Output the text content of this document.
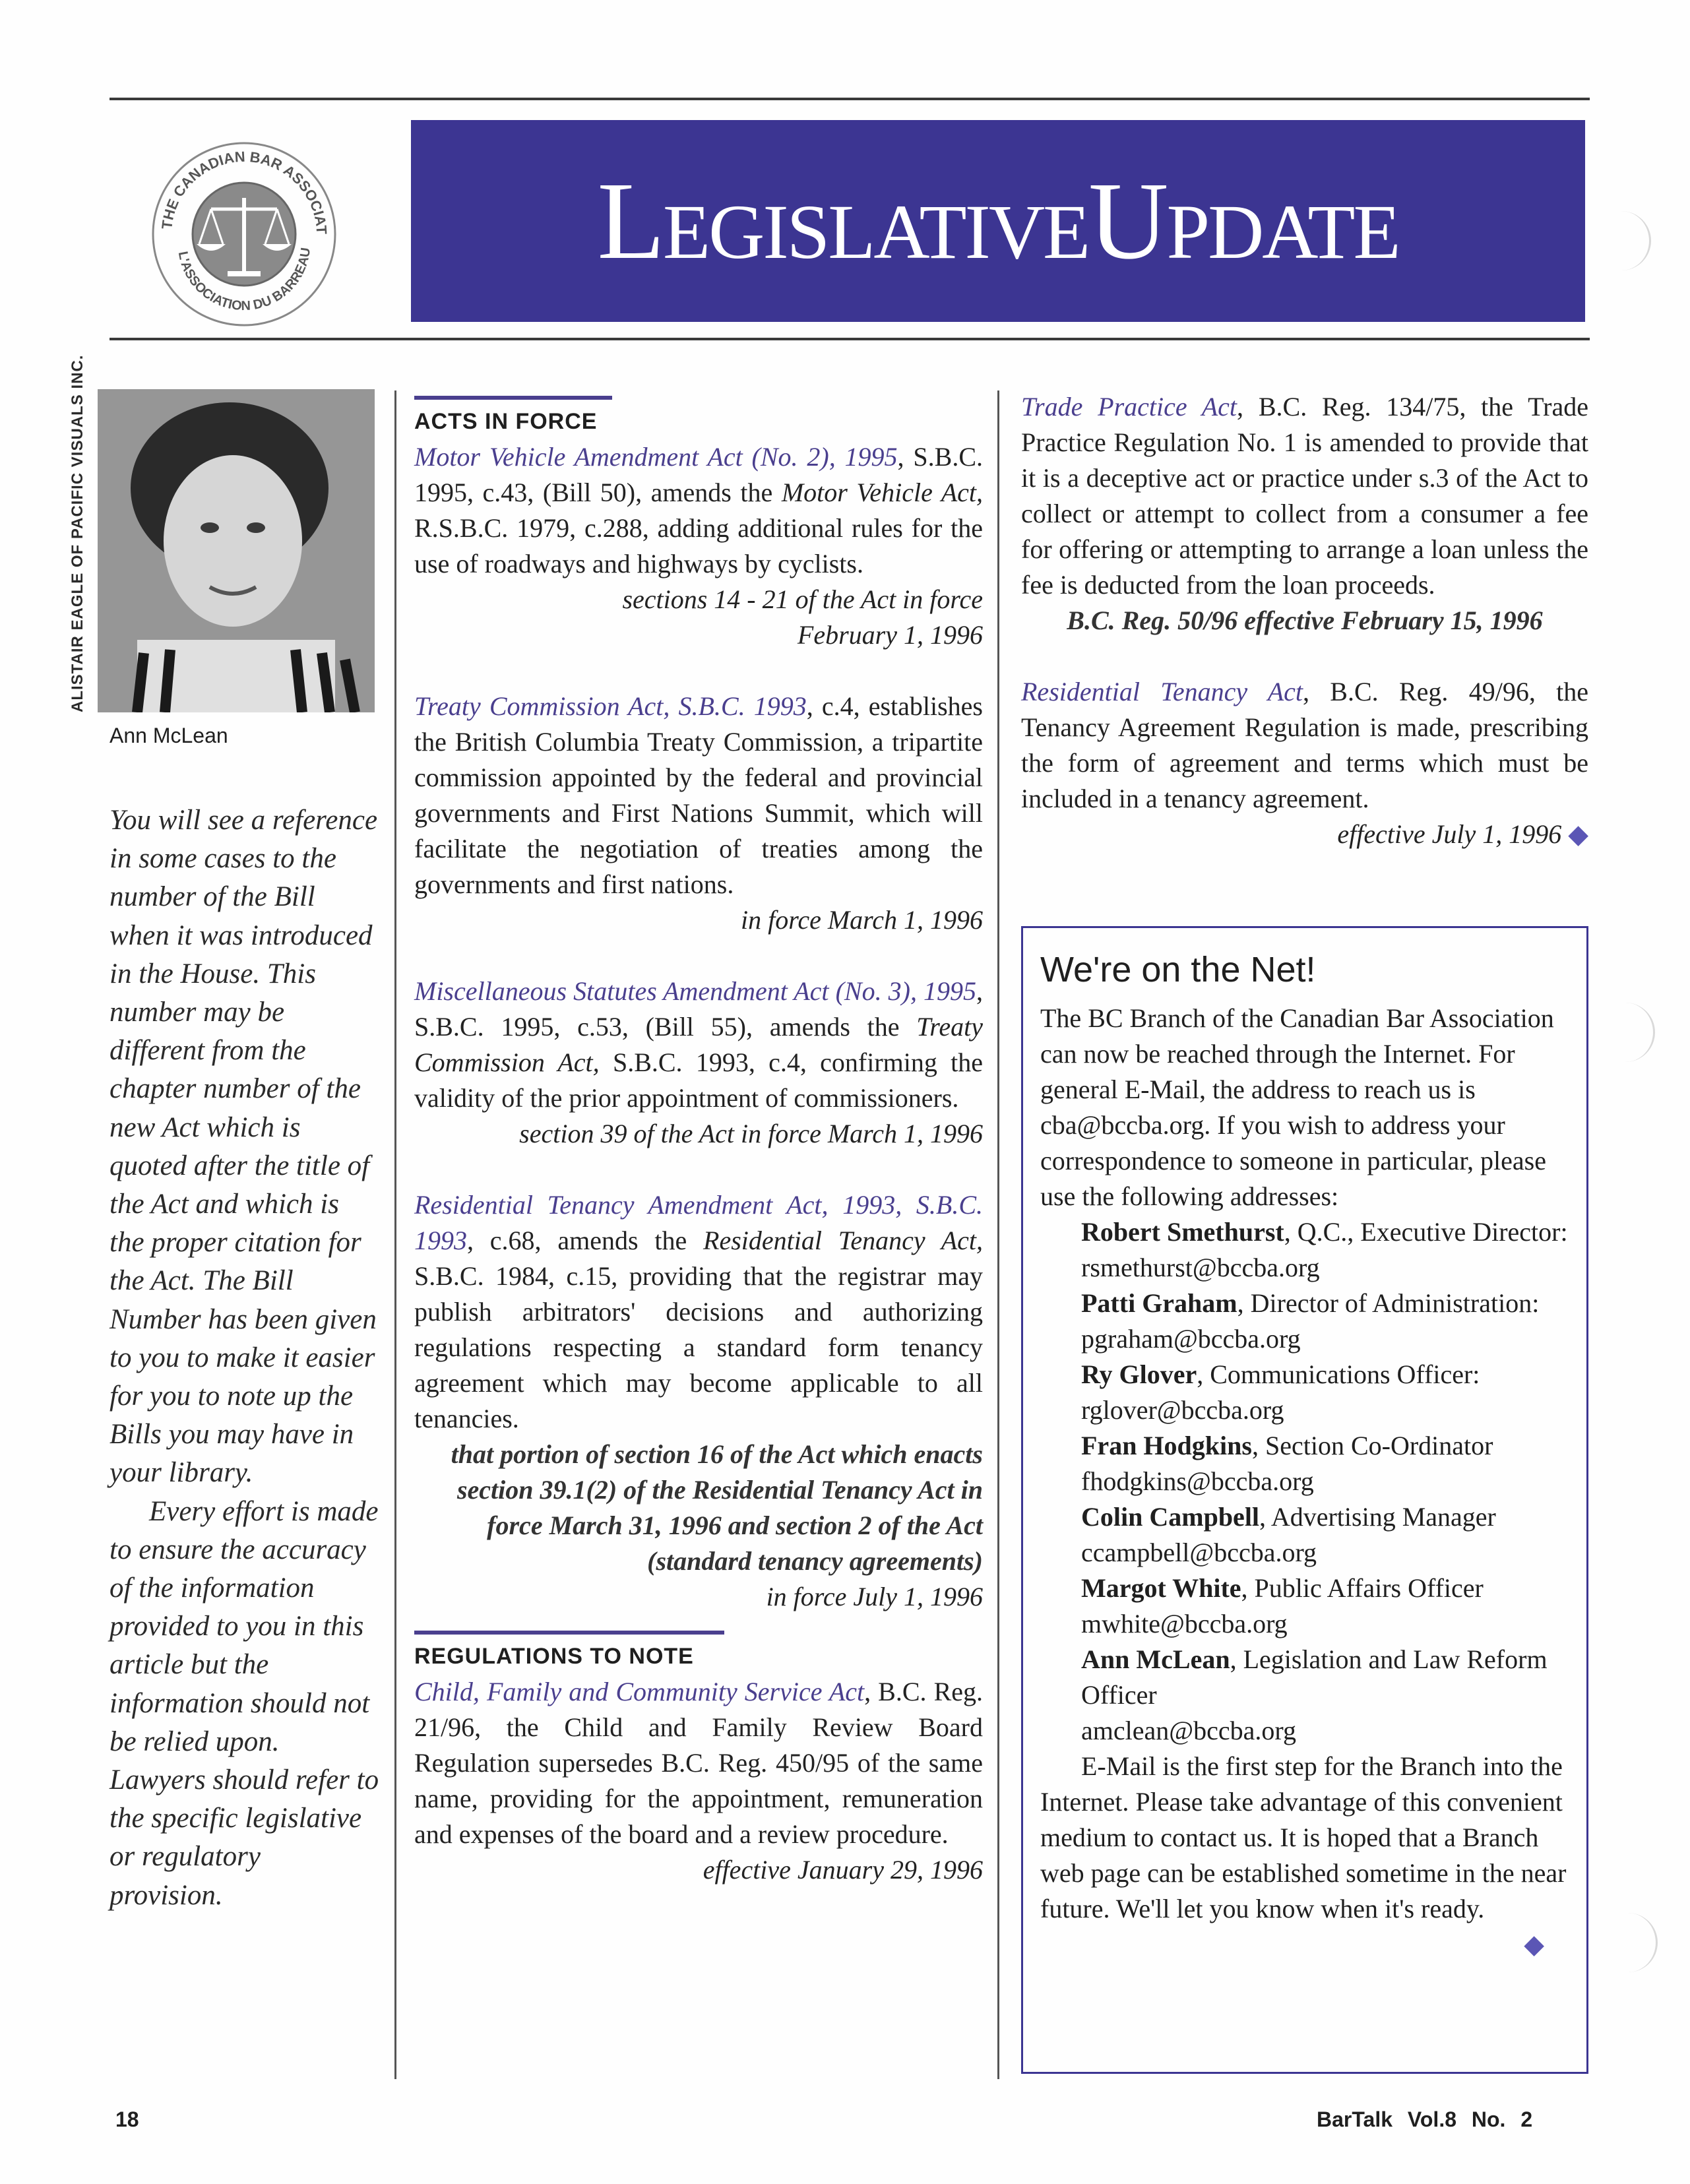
THE CANADIAN BAR ASSOCIAT
L'ASSOCIATION DU BARREAU	LegislativeUpdate
ALISTAIR EAGLE OF PACIFIC VISUALS INC.
Ann McLean

You will see a reference in some cases to the number of the Bill when it was introduced in the House. This number may be different from the chapter number of the new Act which is quoted after the title of the Act and which is the proper citation for the Act. The Bill Number has been given to you to make it easier for you to note up the Bills you may have in your library.

Every effort is made to ensure the accuracy of the information provided to you in this article but the information should not be relied upon. Lawyers should refer to the specific legislative or regulatory provision.

ACTS IN FORCE

Motor Vehicle Amendment Act (No. 2), 1995, S.B.C. 1995, c.43, (Bill 50), amends the Motor Vehicle Act, R.S.B.C. 1979, c.288, adding additional rules for the use of roadways and highways by cyclists.

sections 14 - 21 of the Act in force

February 1, 1996

Treaty Commission Act, S.B.C. 1993, c.4, establishes the British Columbia Treaty Commission, a tripartite commission appointed by the federal and provincial governments and First Nations Summit, which will facilitate the negotiation of treaties among the governments and first nations.

in force March 1, 1996

Miscellaneous Statutes Amendment Act (No. 3), 1995, S.B.C. 1995, c.53, (Bill 55), amends the Treaty Commission Act, S.B.C. 1993, c.4, confirming the validity of the prior appointment of commissioners.

section 39 of the Act in force March 1, 1996

Residential Tenancy Amendment Act, 1993, S.B.C. 1993, c.68, amends the Residential Tenancy Act, S.B.C. 1984, c.15, providing that the registrar may publish arbitrators' decisions and authorizing regulations respecting a standard form tenancy agreement which may become applicable to all tenancies.

that portion of section 16 of the Act which enacts section 39.1(2) of the Residential Tenancy Act in force March 31, 1996 and section 2 of the Act (standard tenancy agreements)

in force July 1, 1996

REGULATIONS TO NOTE

Child, Family and Community Service Act, B.C. Reg. 21/96, the Child and Family Review Board Regulation supersedes B.C. Reg. 450/95 of the same name, providing for the appointment, remuneration and expenses of the board and a review procedure.

effective January 29, 1996

Trade Practice Act, B.C. Reg. 134/75, the Trade Practice Regulation No. 1 is amended to provide that it is a deceptive act or practice under s.3 of the Act to collect or attempt to collect from a consumer a fee for offering or attempting to arrange a loan unless the fee is deducted from the loan proceeds.

B.C. Reg. 50/96 effective February 15, 1996

Residential Tenancy Act, B.C. Reg. 49/96, the Tenancy Agreement Regulation is made, prescribing the form of agreement and terms which must be included in a tenancy agreement.

effective July 1, 1996 ◆

We're on the Net!

The BC Branch of the Canadian Bar Association can now be reached through the Internet. For general E-Mail, the address to reach us is cba@bccba.org. If you wish to address your correspondence to someone in particular, please use the following addresses:

Robert Smethurst, Q.C., Executive Director:
rsmethurst@bccba.org

Patti Graham, Director of Administration:
pgraham@bccba.org

Ry Glover, Communications Officer:
rglover@bccba.org

Fran Hodgkins, Section Co-Ordinator
fhodgkins@bccba.org

Colin Campbell, Advertising Manager
ccampbell@bccba.org

Margot White, Public Affairs Officer
mwhite@bccba.org

Ann McLean, Legislation and Law Reform Officer
amclean@bccba.org

E-Mail is the first step for the Branch into the Internet. Please take advantage of this convenient medium to contact us. It is hoped that a Branch web page can be established sometime in the near future. We'll let you know when it's ready.
◆

18	BarTalk Vol.8 No. 2
